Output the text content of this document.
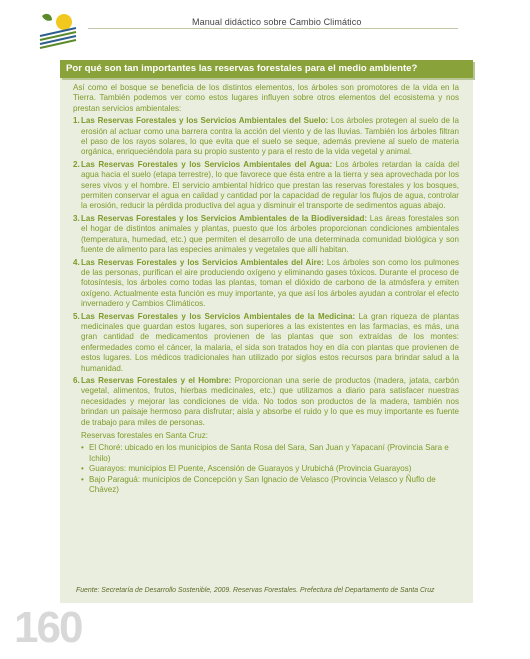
Manual didáctico sobre Cambio Climático
Por qué son tan importantes las reservas forestales para el medio ambiente?

Así como el bosque se beneficia de los distintos elementos, los árboles son promotores de la vida en la Tierra. También podemos ver como estos lugares influyen sobre otros elementos del ecosistema y nos prestan servicios ambientales:

1. Las Reservas Forestales y los Servicios Ambientales del Suelo: Los árboles protegen al suelo de la erosión al actuar como una barrera contra la acción del viento y de las lluvias. También los árboles filtran el paso de los rayos solares, lo que evita que el suelo se seque, además previene al suelo de materia orgánica, enriqueciéndola para su propio sustento y para el resto de la vida vegetal y animal.
2. Las Reservas Forestales y los Servicios Ambientales del Agua: Los árboles retardan la caída del agua hacia el suelo (etapa terrestre), lo que favorece que ésta entre a la tierra y sea aprovechada por los seres vivos y el hombre. El servicio ambiental hídrico que prestan las reservas forestales y los bosques, permiten conservar el agua en calidad y cantidad por la capacidad de regular los flujos de agua, controlar la erosión, reducir la pérdida productiva del agua y disminuir el transporte de sedimentos aguas abajo.
3. Las Reservas Forestales y los Servicios Ambientales de la Biodiversidad: Las áreas forestales son el hogar de distintos animales y plantas, puesto que los árboles proporcionan condiciones ambientales (temperatura, humedad, etc.) que permiten el desarrollo de una determinada comunidad biológica y son fuente de alimento para las especies animales y vegetales que allí habitan.
4. Las Reservas Forestales y los Servicios Ambientales del Aire: Los árboles son como los pulmones de las personas, purifican el aire produciendo oxígeno y eliminando gases tóxicos. Durante el proceso de fotosíntesis, los árboles como todas las plantas, toman el dióxido de carbono de la atmósfera y emiten oxígeno. Actualmente esta función es muy importante, ya que así los árboles ayudan a controlar el efecto invernadero y Cambios Climáticos.
5. Las Reservas Forestales y los Servicios Ambientales de la Medicina: La gran riqueza de plantas medicinales que guardan estos lugares, son superiores a las existentes en las farmacias, es más, una gran cantidad de medicamentos provienen de las plantas que son extraídas de los montes: enfermedades como el cáncer, la malaria, el sida son tratados hoy en día con plantas que provienen de estos lugares. Los médicos tradicionales han utilizado por siglos estos recursos para brindar salud a la humanidad.
6. Las Reservas Forestales y el Hombre: Proporcionan una serie de productos (madera, jatata, carbón vegetal, alimentos, frutos, hierbas medicinales, etc.) que utilizamos a diario para satisfacer nuestras necesidades y mejorar las condiciones de vida. No todos son productos de la madera, también nos brindan un paisaje hermoso para disfrutar; aisla y absorbe el ruido y lo que es muy importante es fuente de trabajo para miles de personas.
Reservas forestales en Santa Cruz:
• El Choré: ubicado en los municipios de Santa Rosa del Sara, San Juan y Yapacaní (Provincia Sara e Ichilo)
• Guarayos: municipios El Puente, Ascensión de Guarayos y Urubichá (Provincia Guarayos)
• Bajo Paraguá: municipios de Concepción y San Ignacio de Velasco (Provincia Velasco y Ñuflo de Chávez)
Fuente: Secretaría de Desarrollo Sostenible, 2009. Reservas Forestales. Prefectura del Departamento de Santa Cruz
160
